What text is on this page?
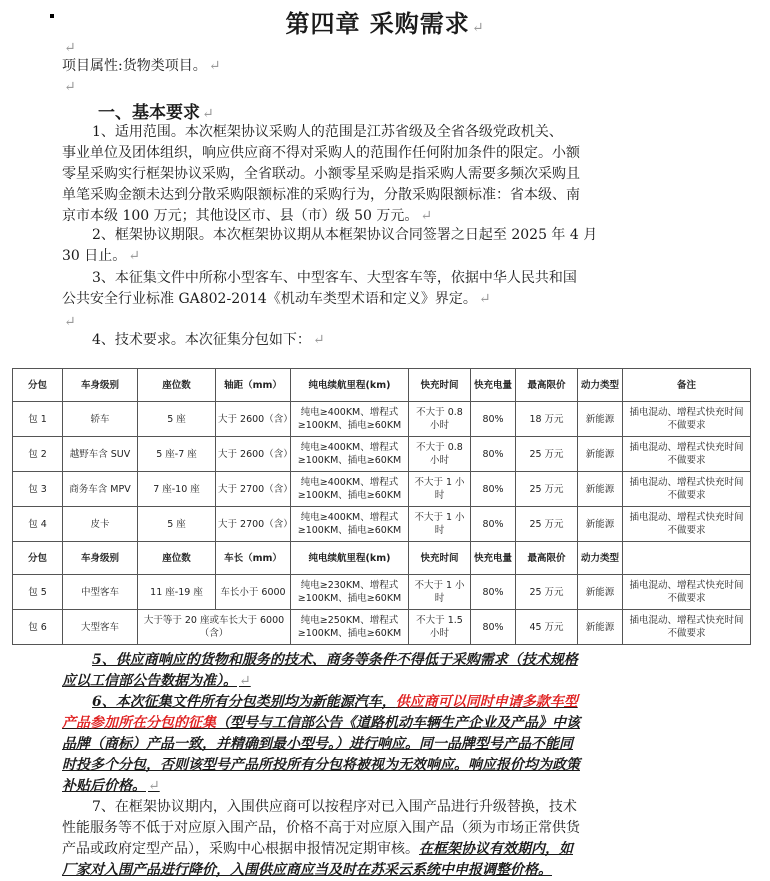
第四章 采购需求 ↵
↵
项目属性:货物类项目。 ↵
↵
一、基本要求 ↵
1、适用范围。本次框架协议采购人的范围是江苏省级及全省各级党政机关、
事业单位及团体组织，响应供应商不得对采购人的范围作任何附加条件的限定。小额
零星采购实行框架协议采购，全省联动。小额零星采购是指采购人需要多频次采购且
单笔采购金额未达到分散采购限额标准的采购行为，分散采购限额标准：省本级、南
京市本级 100 万元；其他设区市、县（市）级 50 万元。 ↵
2、框架协议期限。本次框架协议期从本框架协议合同签署之日起至 2025 年 4 月
30 日止。 ↵
3、本征集文件中所称小型客车、中型客车、大型客车等，依据中华人民共和国
公共安全行业标准 GA802-2014《机动车类型术语和定义》界定。 ↵
↵
4、技术要求。本次征集分包如下： ↵
分包	车身级别	座位数	轴距（mm）	纯电续航里程(km)	快充时间	快充电量	最高限价	动力类型	备注
包 1	轿车	5 座	大于 2600（含）	纯电≥400KM、增程式≥100KM、插电≥60KM	不大于 0.8 小时	80%	18 万元	新能源	插电混动、增程式快充时间不做要求
包 2	越野车含 SUV	5 座-7 座	大于 2600（含）	纯电≥400KM、增程式≥100KM、插电≥60KM	不大于 0.8 小时	80%	25 万元	新能源	插电混动、增程式快充时间不做要求
包 3	商务车含 MPV	7 座-10 座	大于 2700（含）	纯电≥400KM、增程式≥100KM、插电≥60KM	不大于 1 小时	80%	25 万元	新能源	插电混动、增程式快充时间不做要求
包 4	皮卡	5 座	大于 2700（含）	纯电≥400KM、增程式≥100KM、插电≥60KM	不大于 1 小时	80%	25 万元	新能源	插电混动、增程式快充时间不做要求
分包	车身级别	座位数	车长（mm）	纯电续航里程(km)	快充时间	快充电量	最高限价	动力类型	
包 5	中型客车	11 座-19 座	车长小于 6000	纯电≥230KM、增程式≥100KM、插电≥60KM	不大于 1 小时	80%	25 万元	新能源	插电混动、增程式快充时间不做要求
包 6	大型客车	大于等于 20 座或车长大于 6000（含）		纯电≥250KM、增程式≥100KM、插电≥60KM	不大于 1.5 小时	80%	45 万元	新能源	插电混动、增程式快充时间不做要求
5、供应商响应的货物和服务的技术、商务等条件不得低于采购需求（技术规格
应以工信部公告数据为准）。 ↵
6、本次征集文件所有分包类别均为新能源汽车，供应商可以同时申请多款车型
产品参加所在分包的征集（型号与工信部公告《道路机动车辆生产企业及产品》中该
品牌（商标）产品一致，并精确到最小型号。）进行响应。同一品牌型号产品不能同
时投多个分包，否则该型号产品所投所有分包将被视为无效响应。响应报价均为政策
补贴后价格。 ↵
7、在框架协议期内，入围供应商可以按程序对已入围产品进行升级替换，技术
性能服务等不低于对应原入围产品，价格不高于对应原入围产品（须为市场正常供货
产品或政府定型产品），采购中心根据申报情况定期审核。在框架协议有效期内，如
厂家对入围产品进行降价，入围供应商应当及时在苏采云系统中申报调整价格。
